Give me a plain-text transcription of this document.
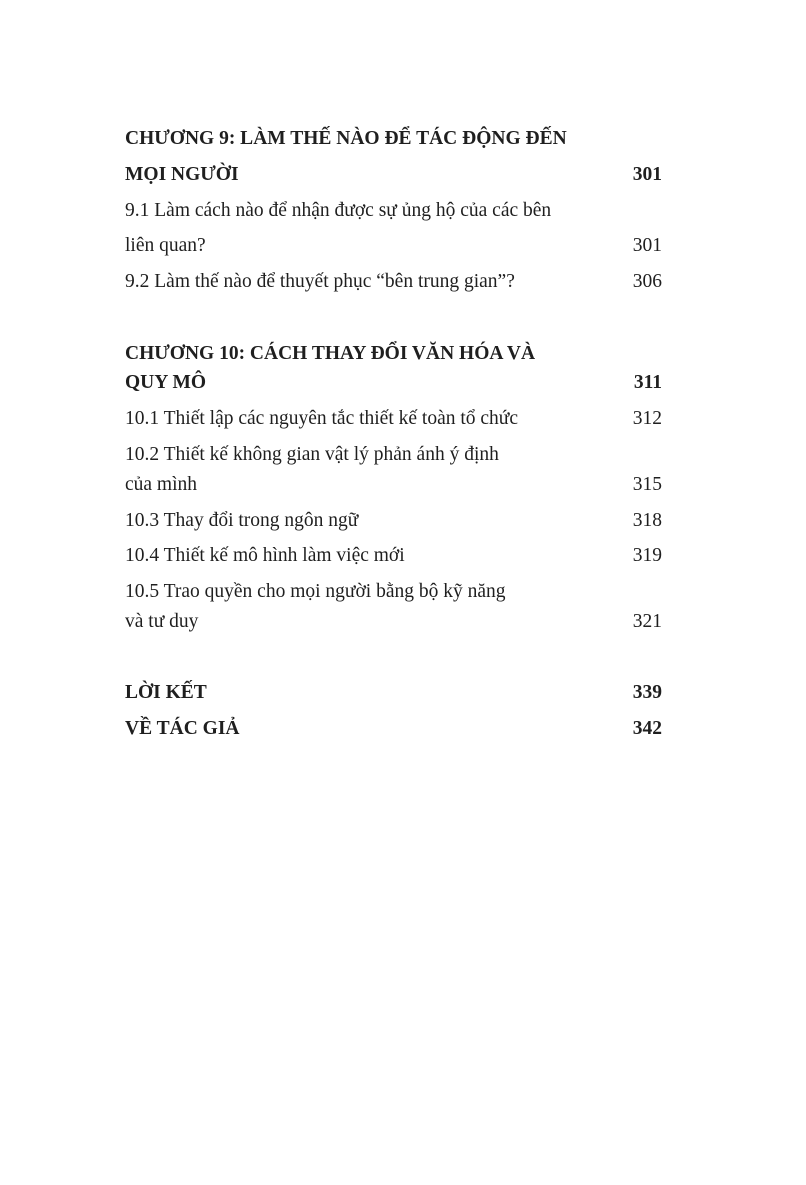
CHƯƠNG 9: LÀM THẾ NÀO ĐỂ TÁC ĐỘNG ĐẾN
MỌI NGƯỜI	301
9.1 Làm cách nào để nhận được sự ủng hộ của các bên
liên quan?	301
9.2 Làm thế nào để thuyết phục “bên trung gian”?	306
CHƯƠNG 10: CÁCH THAY ĐỔI VĂN HÓA VÀ
QUY MÔ	311
10.1 Thiết lập các nguyên tắc thiết kế toàn tổ chức	312
10.2 Thiết kế không gian vật lý phản ánh ý định
của mình	315
10.3 Thay đổi trong ngôn ngữ	318
10.4 Thiết kế mô hình làm việc mới	319
10.5 Trao quyền cho mọi người bằng bộ kỹ năng
và tư duy	321
LỜI KẾT	339
VỀ TÁC GIẢ	342
